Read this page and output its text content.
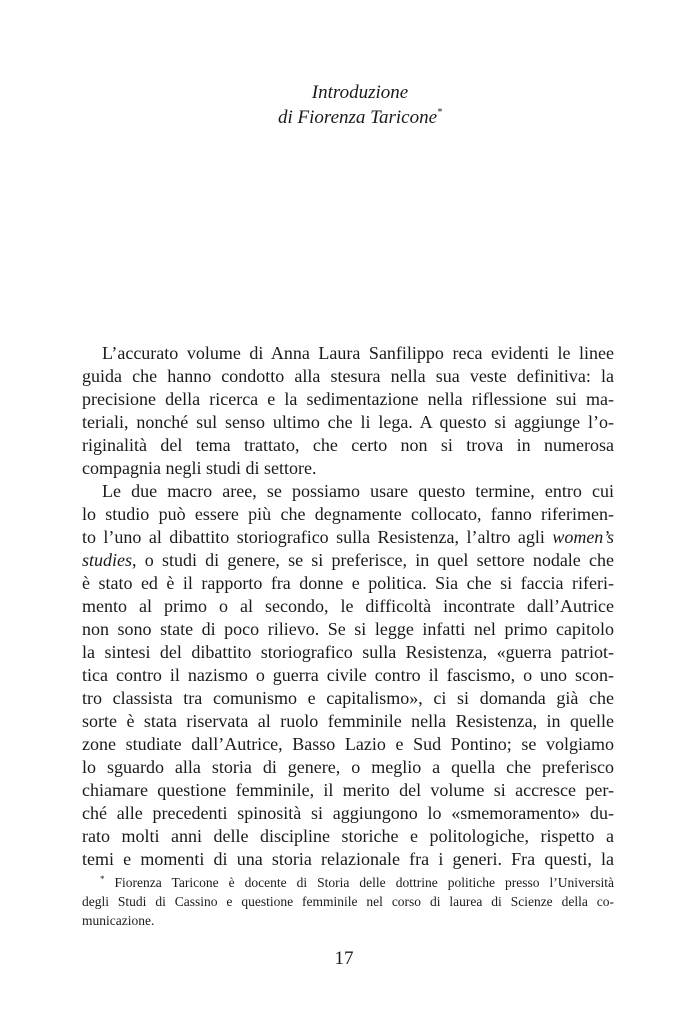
Introduzione
di Fiorenza Taricone*
L’accurato volume di Anna Laura Sanfilippo reca evidenti le linee
guida che hanno condotto alla stesura nella sua veste definitiva: la
precisione della ricerca e la sedimentazione nella riflessione sui ma-
teriali, nonché sul senso ultimo che li lega. A questo si aggiunge l’o-
riginalità del tema trattato, che certo non si trova in numerosa
compagnia negli studi di settore.
Le due macro aree, se possiamo usare questo termine, entro cui
lo studio può essere più che degnamente collocato, fanno riferimen-
to l’uno al dibattito storiografico sulla Resistenza, l’altro agli women’s
studies, o studi di genere, se si preferisce, in quel settore nodale che
è stato ed è il rapporto fra donne e politica. Sia che si faccia riferi-
mento al primo o al secondo, le difficoltà incontrate dall’Autrice
non sono state di poco rilievo. Se si legge infatti nel primo capitolo
la sintesi del dibattito storiografico sulla Resistenza, «guerra patriot-
tica contro il nazismo o guerra civile contro il fascismo, o uno scon-
tro classista tra comunismo e capitalismo», ci si domanda già che
sorte è stata riservata al ruolo femminile nella Resistenza, in quelle
zone studiate dall’Autrice, Basso Lazio e Sud Pontino; se volgiamo
lo sguardo alla storia di genere, o meglio a quella che preferisco
chiamare questione femminile, il merito del volume si accresce per-
ché alle precedenti spinosità si aggiungono lo «smemoramento» du-
rato molti anni delle discipline storiche e politologiche, rispetto a
temi e momenti di una storia relazionale fra i generi. Fra questi, la
* Fiorenza Taricone è docente di Storia delle dottrine politiche presso l’Università
degli Studi di Cassino e questione femminile nel corso di laurea di Scienze della co-
municazione.
17
